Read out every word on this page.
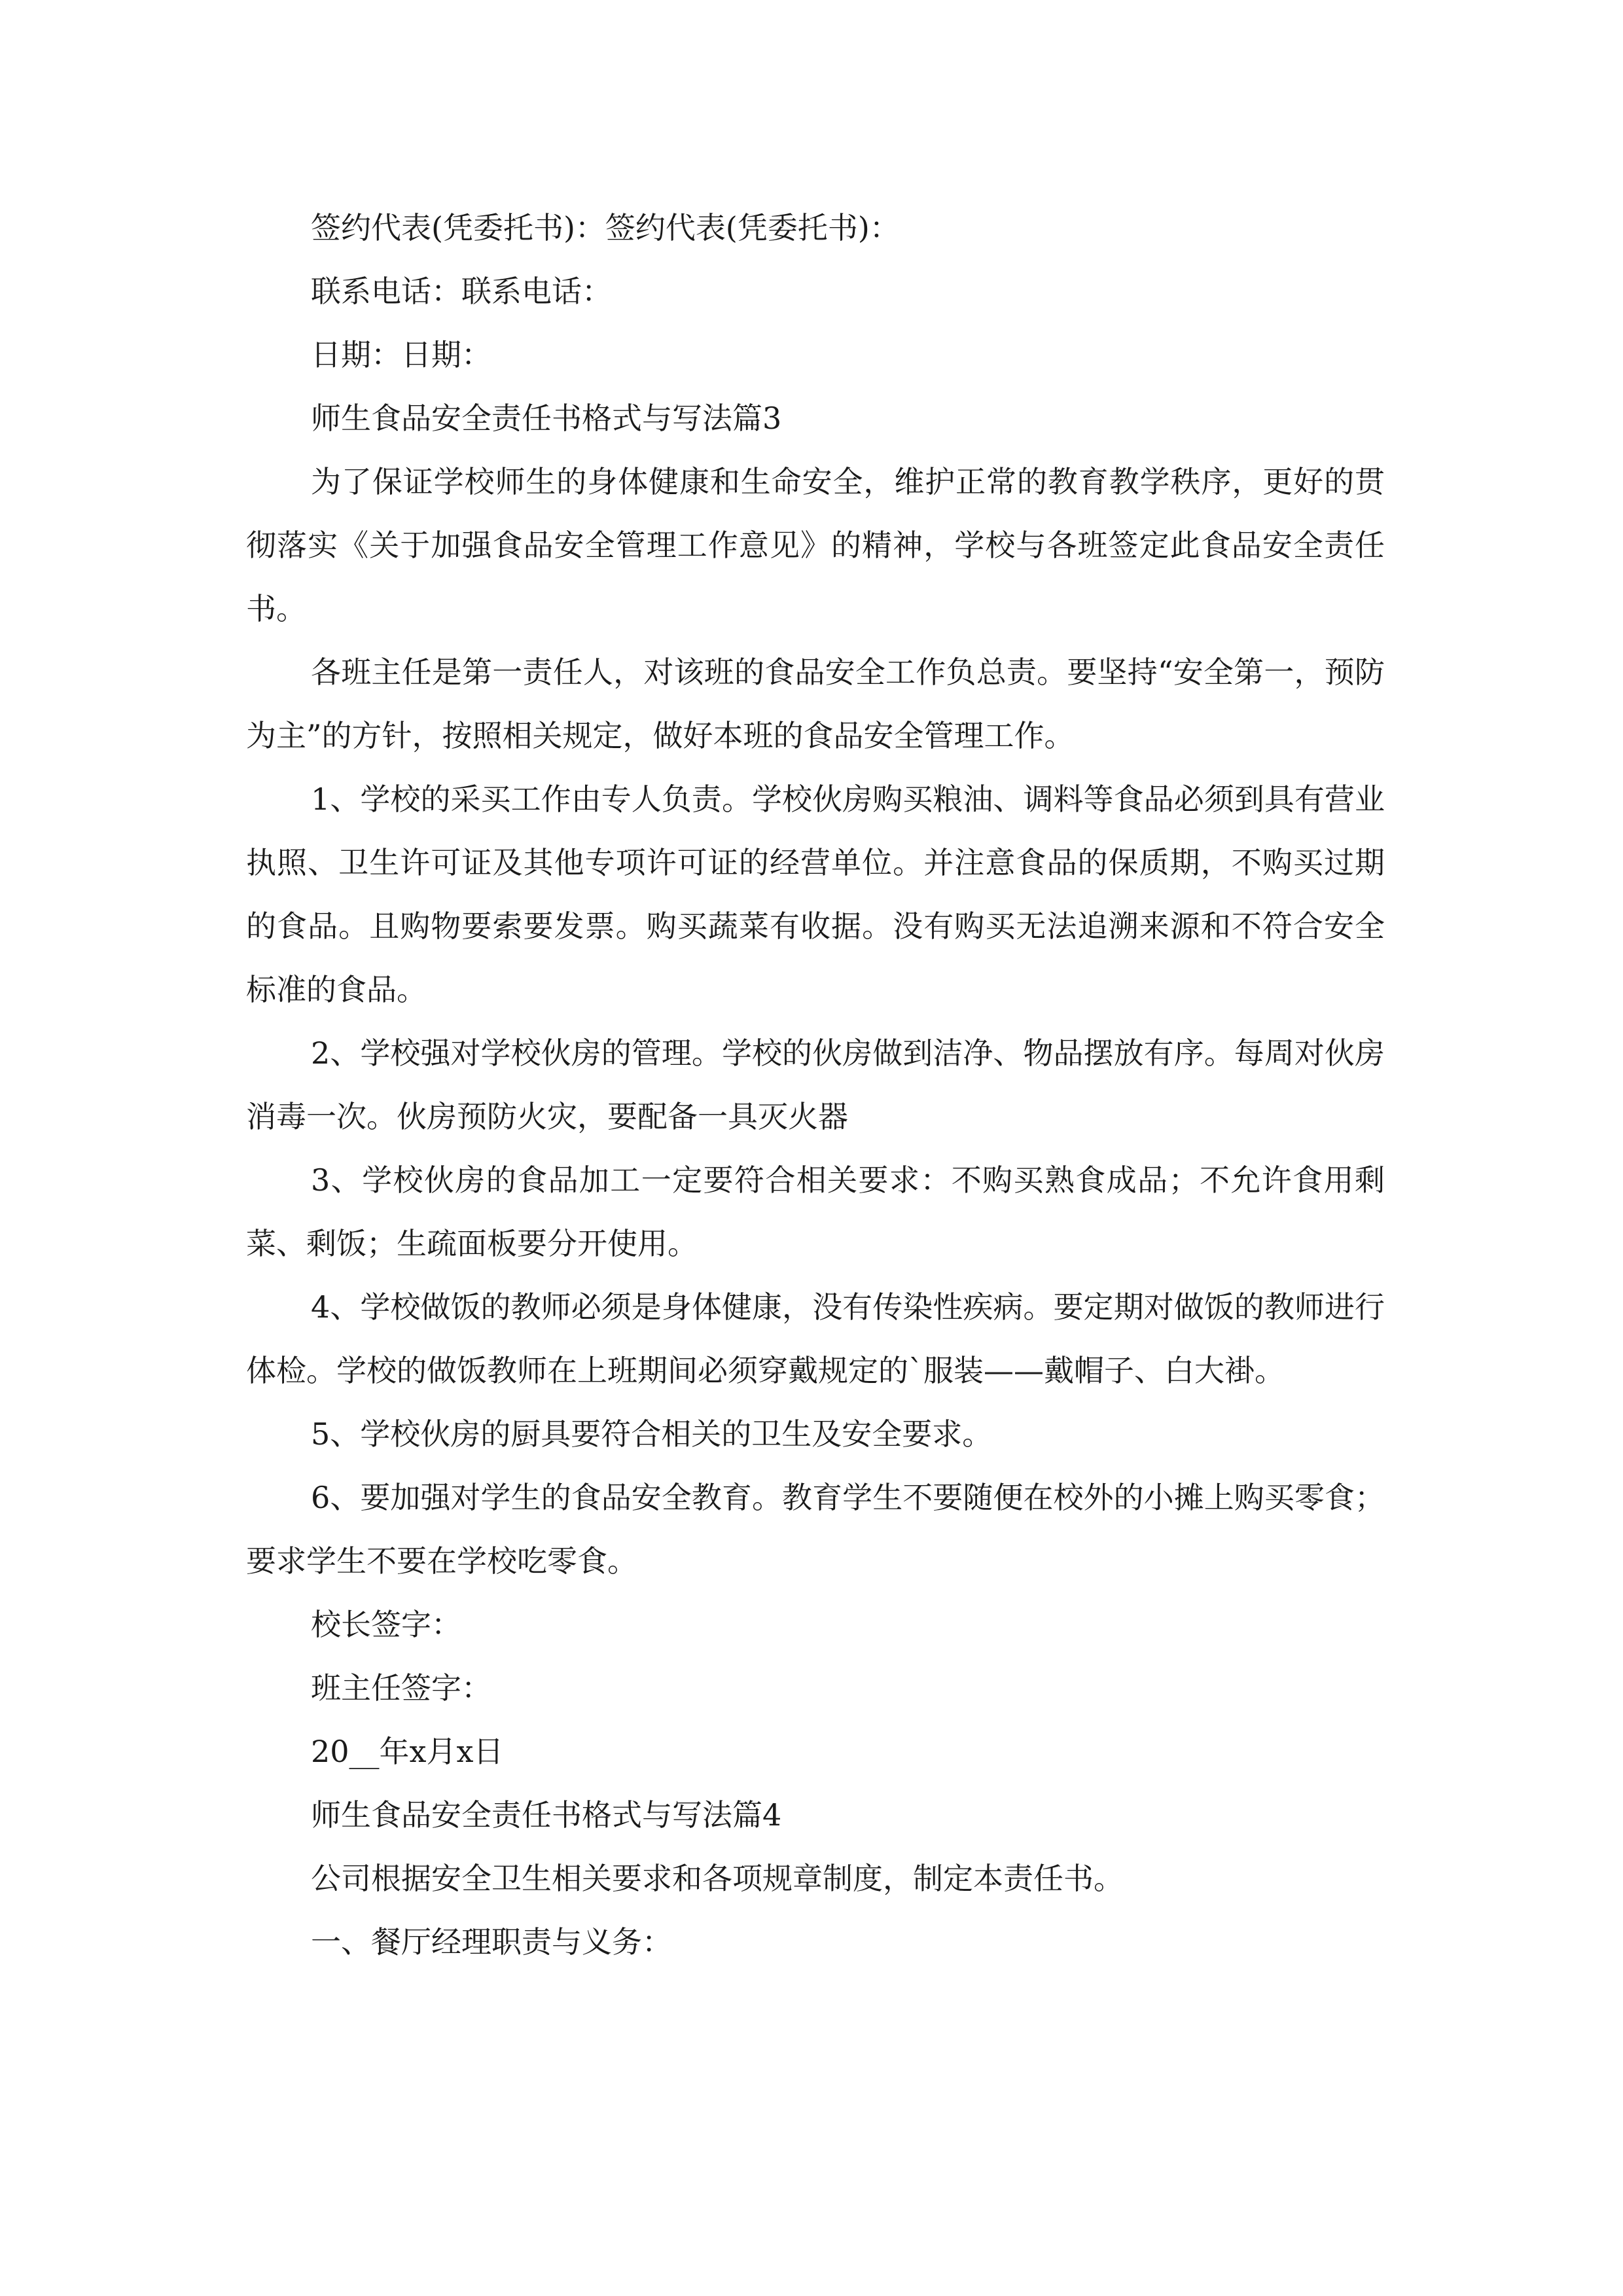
签约代表(凭委托书)：签约代表(凭委托书)：

联系电话：联系电话：

日期：日期：

师生食品安全责任书格式与写法篇3

为了保证学校师生的身体健康和生命安全，维护正常的教育教学秩序，更好的贯彻落实《关于加强食品安全管理工作意见》的精神，学校与各班签定此食品安全责任书。

各班主任是第一责任人，对该班的食品安全工作负总责。要坚持“安全第一，预防为主”的方针，按照相关规定，做好本班的食品安全管理工作。

1、学校的采买工作由专人负责。学校伙房购买粮油、调料等食品必须到具有营业执照、卫生许可证及其他专项许可证的经营单位。并注意食品的保质期，不购买过期的食品。且购物要索要发票。购买蔬菜有收据。没有购买无法追溯来源和不符合安全标准的食品。

2、学校强对学校伙房的管理。学校的伙房做到洁净、物品摆放有序。每周对伙房消毒一次。伙房预防火灾，要配备一具灭火器

3、学校伙房的食品加工一定要符合相关要求：不购买熟食成品；不允许食用剩菜、剩饭；生疏面板要分开使用。

4、学校做饭的教师必须是身体健康，没有传染性疾病。要定期对做饭的教师进行体检。学校的做饭教师在上班期间必须穿戴规定的`服装——戴帽子、白大褂。

5、学校伙房的厨具要符合相关的卫生及安全要求。

6、要加强对学生的食品安全教育。教育学生不要随便在校外的小摊上购买零食；要求学生不要在学校吃零食。

校长签字：

班主任签字：

20__年x月x日

师生食品安全责任书格式与写法篇4

公司根据安全卫生相关要求和各项规章制度，制定本责任书。

一、餐厅经理职责与义务：
